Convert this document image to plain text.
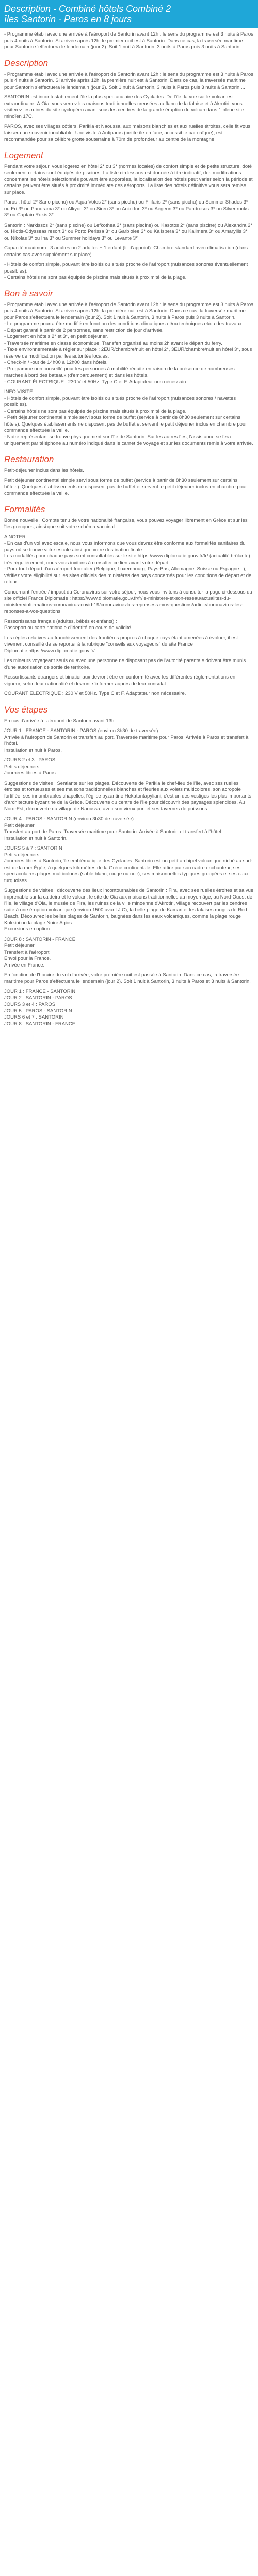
Description - Combiné hôtels Combiné 2
îles Santorin - Paros en 8 jours

- Programme établi avec une arrivée à l'aéroport de Santorin avant 12h : le sens du programme est 3 nuits à Paros puis 4 nuits à Santorin. Si arrivée après 12h, le premier nuit est à Santorin. Dans ce cas, la traversée maritime pour Santorin s'effectuera le lendemain (jour 2). Soit 1 nuit à Santorin, 3 nuits à Paros puis 3 nuits à Santorin ....

Description

- Programme établi avec une arrivée à l'aéroport de Santorin avant 12h : le sens du programme est 3 nuits à Paros puis 4 nuits à Santorin. Si arrivée après 12h, la première nuit est à Santorin. Dans ce cas, la traversée maritime pour Santorin s'effectuera le lendemain (jour 2). Soit 1 nuit à Santorin, 3 nuits à Paros puis 3 nuits à Santorin ...

SANTORIN est incontestablement l'île la plus spectaculaire des Cyclades. De l'île, la vue sur le volcan est extraordinaire. À Oia, vous verrez les maisons traditionnelles creusées au flanc de la falaise et à Akrotiri, vous visiterez les ruines du site cyclopéen avant sous les cendres de la grande éruption du volcan dans 1 bleue site minoïen 17C.

PAROS, avec ses villages côtiers, Parikia et Naoussa, aux maisons blanchies et aux ruelles étroites, celle fit vous laissera un souvenir inoubliable. Une visite à Antiparos (petite île en face, accessible par caïque), est recommandée pour sa célèbre grotte souterraine à 70m de profondeur au centre de la montagne.

Logement

Pendant votre séjour, vous logerez en hôtel 2* ou 3* (normes locales) de confort simple et de petite structure, doté seulement certains sont équipés de piscines. La liste ci-dessous est donnée à titre indicatif, des modifications concernant les hôtels sélectionnés pouvant être apportées, la localisation des hôtels peut varier selon la période et certains peuvent être situés à proximité immédiate des aéroports. La liste des hôtels définitive vous sera remise sur place.

Paros : hôtel 2* Sano picchu) ou Aqua Votes 2* (sans picchu) ou Filifaris 2* (sans picchu) ou Summer Shades 3* ou Eri 3* ou Panorama 3* ou Alkyon 3* ou Siren 3* ou Anixi Inn 3* ou Aegeon 3* ou Pandrosos 3* ou Silver rocks 3* ou Captain Rokis 3*

Santorin : Narkissos 2* (sans piscine) ou Lefkothea 2* (sans piscine) ou Kasotos 2* (sans piscine) ou Alexandra 2* ou Hiotis-Odysseas resort 3* ou Porto Perissa 3* ou Garbiolee 3* ou Kalispera 3* ou Kalimera 3* ou Amaryllis 3* ou Nikolas 3* ou Ina 3* ou Summer holidays 3* ou Levante 3*

Capacité maximum : 3 adultes ou 2 adultes + 1 enfant (lit d'appoint). Chambre standard avec climatisation (dans certains cas avec supplément sur place).

- Hôtels de confort simple, pouvant être isolés ou situés proche de l'aéroport (nuisances sonores éventuellement possibles).
- Certains hôtels ne sont pas équipés de piscine mais situés à proximité de la plage.

Bon à savoir

- Programme établi avec une arrivée à l'aéroport de Santorin avant 12h : le sens du programme est 3 nuits à Paros puis 4 nuits à Santorin. Si arrivée après 12h, la première nuit est à Santorin. Dans ce cas, la traversée maritime pour Paros s'effectuera le lendemain (jour 2). Soit 1 nuit à Santorin, 3 nuits à Paros puis 3 nuits à Santorin.
- Le programme pourra être modifié en fonction des conditions climatiques et/ou techniques et/ou des travaux.
- Départ garanti à partir de 2 personnes, sans restriction de jour d'arrivée.
- Logement en hôtels 2* et 3*, en petit déjeuner.
- Traversée maritime en classe économique. Transfert organisé au moins 2h avant le départ du ferry.
- Taxe environnementale à régler sur place : 2EUR/chambre/nuit en hôtel 2*, 3EUR/chambre/nuit en hôtel 3*, sous réserve de modification par les autorités locales.
- Check-in / -out de 14h00 à 12h00 dans hôtels.
- Programme non conseillé pour les personnes à mobilité réduite en raison de la présence de nombreuses marches à bord des bateaux (d'embarquement) et dans les hôtels.
- COURANT ÉLECTRIQUE : 230 V et 50Hz. Type C et F. Adaptateur non nécessaire.

INFO VISITE :
- Hôtels de confort simple, pouvant être isolés ou situés proche de l'aéroport (nuisances sonores / navettes possibles).
- Certains hôtels ne sont pas équipés de piscine mais situés à proximité de la plage.
- Petit déjeuner continental simple servi sous forme de buffet (service à partir de 8h30 seulement sur certains hôtels). Quelques établissements ne disposent pas de buffet et servent le petit déjeuner inclus en chambre pour commande effectuée la veille.
- Notre représentant se trouve physiquement sur l'île de Santorin. Sur les autres îles, l'assistance se fera uniquement par téléphone au numéro indiqué dans le carnet de voyage et sur les documents remis à votre arrivée.

Restauration

Petit-déjeuner inclus dans les hôtels.

Petit déjeuner continental simple servi sous forme de buffet (service à partir de 8h30 seulement sur certains hôtels). Quelques établissements ne disposent pas de buffet et servent le petit déjeuner inclus en chambre pour commande effectuée la veille.

Formalités

Bonne nouvelle ! Compte tenu de votre nationalité française, vous pouvez voyager librement en Grèce et sur les îles grecques, ainsi que suit votre schéma vaccinal.

A NOTER
- En cas d'un vol avec escale, nous vous informons que vous devrez être conforme aux formalités sanitaires du pays où se trouve votre escale ainsi que votre destination finale.
Les modalités pour chaque pays sont consultables sur le site https://www.diplomatie.gouv.fr/fr/ (actualité brûlante) très régulièrement, nous vous invitons à consulter ce lien avant votre départ.
- Pour tout départ d'un aéroport frontalier (Belgique, Luxembourg, Pays-Bas, Allemagne, Suisse ou Espagne...), vérifiez votre éligibilité sur les sites officiels des ministères des pays concernés pour les conditions de départ et de retour.

Concernant l'entrée / impact du Coronavirus sur votre séjour, nous vous invitons à consulter la page ci-dessous du site officiel France Diplomatie : https://www.diplomatie.gouv.fr/fr/le-ministere-et-son-reseau/actualites-du-ministere/informations-coronavirus-covid-19/coronavirus-les-reponses-a-vos-questions/article/coronavirus-les-reponses-a-vos-questions

Ressortissants français (adultes, bébés et enfants) :
Passeport ou carte nationale d'identité en cours de validité.

Les règles relatives au franchissement des frontières propres à chaque pays étant amenées à évoluer, il est vivement conseillé de se reporter à la rubrique "conseils aux voyageurs" du site France Diplomatie,https://www.diplomatie.gouv.fr/

Les mineurs voyageant seuls ou avec une personne ne disposant pas de l'autorité parentale doivent être munis d'une autorisation de sortie de territoire.

Ressortissants étrangers et binationaux devront être en conformité avec les différentes réglementations en vigueur, selon leur nationalité et devront s'informer auprès de leur consulat.

COURANT ÉLECTRIQUE : 230 V et 50Hz. Type C et F. Adaptateur non nécessaire.

Vos étapes

En cas d'arrivée à l'aéroport de Santorin avant 13h :

JOUR 1 : FRANCE - SANTORIN - PAROS (environ 3h30 de traversée)
Arrivée à l'aéroport de Santorin et transfert au port. Traversée maritime pour Paros. Arrivée à Paros et transfert à l'hôtel.
Installation et nuit à Paros.

JOURS 2 et 3 : PAROS
Petits déjeuners.
Journées libres à Paros.

Suggestions de visites : Sentiante sur les plages. Découverte de Parikia le chef-lieu de l'île, avec ses ruelles étroites et tortueuses et ses maisons traditionnelles blanches et fleuries aux volets multicolores, son acropole fortifiée, ses innombrables chapelles, l'église byzantine Hekatontapyliani, c'est un des vestiges les plus importants d'architecture byzantine de la Grèce. Découverte du centre de l'île pour découvrir des paysages splendides. Au Nord-Est, découverte du village de Naoussa, avec son vieux port et ses tavernes de poissons.

JOUR 4 : PAROS - SANTORIN (environ 3h30 de traversée)
Petit déjeuner.
Transfert au port de Paros. Traversée maritime pour Santorin. Arrivée à Santorin et transfert à l'hôtel.
Installation et nuit à Santorin.

JOURS 5 à 7 : SANTORIN
Petits déjeuners.
Journées libres à Santorin, île emblématique des Cyclades. Santorin est un petit archipel volcanique niché au sud-est de la mer Égée, à quelques kilomètres de la Grèce continentale. Elle attire par son cadre enchanteur, ses spectaculaires plages multicolores (sable blanc, rouge ou noir), ses maisonnettes typiques groupées et ses eaux turquoises.

Suggestions de visites : découverte des lieux incontournables de Santorin : Fira, avec ses ruelles étroites et sa vue imprenable sur la caldeira et le volcan, le site de Oia aux maisons traditionnelles au moyen âge, au Nord-Ouest de l'île, le village d'Oia, le musée de Fira, les ruines de la ville minoenne d'Akrotiri, village recouvert par les cendres suite à une éruption volcanique (environ 1500 avant J.C), la belle plage de Kamari et les falaises rouges de Red Beach. Découvrez les belles plages de Santorin, baignées dans les eaux volcaniques, comme la plage rouge Kokkini ou la plage Noire Agios.
Excursions en option.

JOUR 8 : SANTORIN - FRANCE
Petit déjeuner.
Transfert à l'aéroport
Envol pour la France.
Arrivée en France.

En fonction de l'horaire du vol d'arrivée, votre première nuit est passée à Santorin. Dans ce cas, la traversée maritime pour Paros s'effectuera le lendemain (jour 2). Soit 1 nuit à Santorin, 3 nuits à Paros et 3 nuits à Santorin.

JOUR 1 : FRANCE - SANTORIN
JOUR 2 : SANTORIN - PAROS
JOURS 3 et 4 : PAROS
JOUR 5 : PAROS - SANTORIN
JOURS 6 et 7 : SANTORIN
JOUR 8 : SANTORIN - FRANCE
